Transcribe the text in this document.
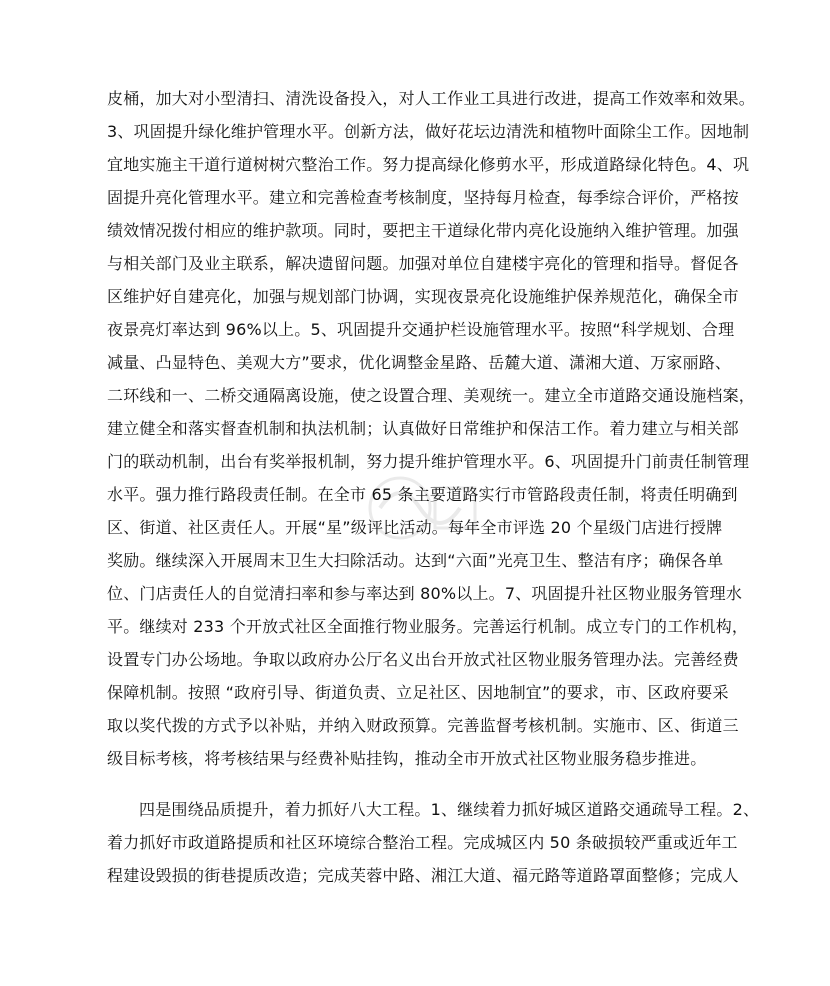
皮桶，加大对小型清扫、清洗设备投入，对人工作业工具进行改进，提高工作效率和效果。
3、巩固提升绿化维护管理水平。创新方法，做好花坛边清洗和植物叶面除尘工作。因地制
宜地实施主干道行道树树穴整治工作。努力提高绿化修剪水平，形成道路绿化特色。4、巩
固提升亮化管理水平。建立和完善检查考核制度，坚持每月检查，每季综合评价，严格按
绩效情况拨付相应的维护款项。同时，要把主干道绿化带内亮化设施纳入维护管理。加强
与相关部门及业主联系，解决遗留问题。加强对单位自建楼宇亮化的管理和指导。督促各
区维护好自建亮化，加强与规划部门协调，实现夜景亮化设施维护保养规范化，确保全市
夜景亮灯率达到 96%以上。5、巩固提升交通护栏设施管理水平。按照“科学规划、合理
减量、凸显特色、美观大方”要求，优化调整金星路、岳麓大道、潇湘大道、万家丽路、
二环线和一、二桥交通隔离设施，使之设置合理、美观统一。建立全市道路交通设施档案，
建立健全和落实督查机制和执法机制；认真做好日常维护和保洁工作。着力建立与相关部
门的联动机制，出台有奖举报机制，努力提升维护管理水平。6、巩固提升门前责任制管理
水平。强力推行路段责任制。在全市 65 条主要道路实行市管路段责任制，将责任明确到
区、街道、社区责任人。开展“星”级评比活动。每年全市评选 20 个星级门店进行授牌
奖励。继续深入开展周末卫生大扫除活动。达到“六面”光亮卫生、整洁有序；确保各单
位、门店责任人的自觉清扫率和参与率达到 80%以上。7、巩固提升社区物业服务管理水
平。继续对 233 个开放式社区全面推行物业服务。完善运行机制。成立专门的工作机构，
设置专门办公场地。争取以政府办公厅名义出台开放式社区物业服务管理办法。完善经费
保障机制。按照 “政府引导、街道负责、立足社区、因地制宜”的要求，市、区政府要采
取以奖代拨的方式予以补贴，并纳入财政预算。完善监督考核机制。实施市、区、街道三
级目标考核，将考核结果与经费补贴挂钩，推动全市开放式社区物业服务稳步推进。
四是围绕品质提升，着力抓好八大工程。1、继续着力抓好城区道路交通疏导工程。2、
着力抓好市政道路提质和社区环境综合整治工程。完成城区内 50 条破损较严重或近年工
程建设毁损的街巷提质改造；完成芙蓉中路、湘江大道、福元路等道路罩面整修；完成人
